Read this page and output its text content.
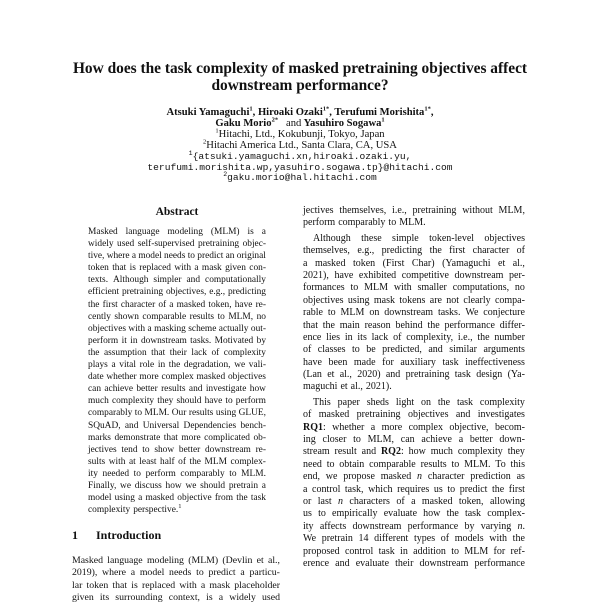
How does the task complexity of masked pretraining objectives affect
downstream performance?
Atsuki Yamaguchi$^1$, Hiroaki Ozaki$^{1*}$, Terufumi Morishita$^{1*}$,
Gaku Morio$^{2*}$ and Yasuhiro Sogawa$^1$
$^1$Hitachi, Ltd., Kokubunji, Tokyo, Japan
$^2$Hitachi America Ltd., Santa Clara, CA, USA
$^1${atsuki.yamaguchi.xn,hiroaki.ozaki.yu,
terufumi.morishita.wp,yasuhiro.sogawa.tp}@hitachi.com
$^2$gaku.morio@hal.hitachi.com
Abstract
Masked language modeling (MLM) is a
widely used self-supervised pretraining objec-
tive, where a model needs to predict an original
token that is replaced with a mask given con-
texts. Although simpler and computationally
efficient pretraining objectives, e.g., predicting
the first character of a masked token, have re-
cently shown comparable results to MLM, no
objectives with a masking scheme actually out-
perform it in downstream tasks. Motivated by
the assumption that their lack of complexity
plays a vital role in the degradation, we vali-
date whether more complex masked objectives
can achieve better results and investigate how
much complexity they should have to perform
comparably to MLM. Our results using GLUE,
SQuAD, and Universal Dependencies bench-
marks demonstrate that more complicated ob-
jectives tend to show better downstream re-
sults with at least half of the MLM complex-
ity needed to perform comparably to MLM.
Finally, we discuss how we should pretrain a
model using a masked objective from the task
complexity perspective.$^1$
1 Introduction
Masked language modeling (MLM) (Devlin et al.,
2019), where a model needs to predict a particu-
lar token that is replaced with a mask placeholder
given its surrounding context, is a widely used
jectives themselves, i.e., pretraining without MLM,
perform comparably to MLM.
Although these simple token-level objectives
themselves, e.g., predicting the first character of
a masked token (First Char) (Yamaguchi et al.,
2021), have exhibited competitive downstream per-
formances to MLM with smaller computations, no
objectives using mask tokens are not clearly compa-
rable to MLM on downstream tasks. We conjecture
that the main reason behind the performance differ-
ence lies in its lack of complexity, i.e., the number
of classes to be predicted, and similar arguments
have been made for auxiliary task ineffectiveness
(Lan et al., 2020) and pretraining task design (Ya-
maguchi et al., 2021).
This paper sheds light on the task complexity
of masked pretraining objectives and investigates
RQ1: whether a more complex objective, becom-
ing closer to MLM, can achieve a better down-
stream result and RQ2: how much complexity they
need to obtain comparable results to MLM. To this
end, we propose masked n character prediction as
a control task, which requires us to predict the first
or last n characters of a masked token, allowing
us to empirically evaluate how the task complex-
ity affects downstream performance by varying n.
We pretrain 14 different types of models with the
proposed control task in addition to MLM for ref-
erence and evaluate their downstream performance
